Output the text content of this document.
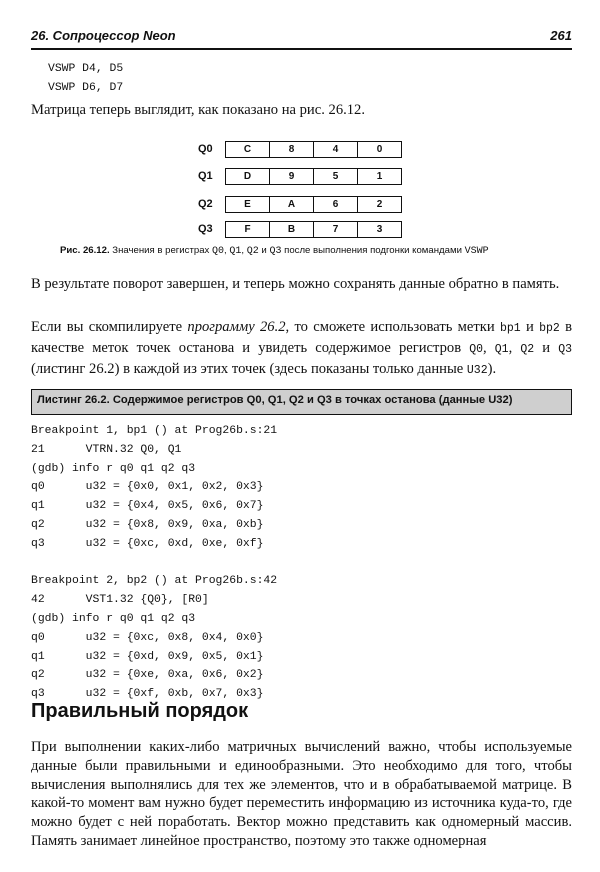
26. Сопроцессор Neon	261
VSWP D4, D5
VSWP D6, D7
Матрица теперь выглядит, как показано на рис. 26.12.
Q0	C	8	4	0
Q1	D	9	5	1
Q2	E	A	6	2
Q3	F	B	7	3
Рис. 26.12. Значения в регистрах Q0, Q1, Q2 и Q3 после выполнения подгонки командами VSWP
В результате поворот завершен, и теперь можно сохранять данные обратно в память.
Если вы скомпилируете программу 26.2, то сможете использовать метки bp1 и bp2 в качестве меток точек останова и увидеть содержимое регистров Q0, Q1, Q2 и Q3 (листинг 26.2) в каждой из этих точек (здесь показаны только данные U32).
Листинг 26.2. Содержимое регистров Q0, Q1, Q2 и Q3 в точках останова (данные U32)
Breakpoint 1, bp1 () at Prog26b.s:21
21      VTRN.32 Q0, Q1
(gdb) info r q0 q1 q2 q3
q0      u32 = {0x0, 0x1, 0x2, 0x3}
q1      u32 = {0x4, 0x5, 0x6, 0x7}
q2      u32 = {0x8, 0x9, 0xa, 0xb}
q3      u32 = {0xc, 0xd, 0xe, 0xf}
Breakpoint 2, bp2 () at Prog26b.s:42
42      VST1.32 {Q0}, [R0]
(gdb) info r q0 q1 q2 q3
q0      u32 = {0xc, 0x8, 0x4, 0x0}
q1      u32 = {0xd, 0x9, 0x5, 0x1}
q2      u32 = {0xe, 0xa, 0x6, 0x2}
q3      u32 = {0xf, 0xb, 0x7, 0x3}
Правильный порядок
При выполнении каких-либо матричных вычислений важно, чтобы используемые данные были правильными и единообразными. Это необходимо для того, чтобы вычисления выполнялись для тех же элементов, что и в обрабатываемой матрице. В какой-то момент вам нужно будет переместить информацию из источника куда-то, где можно будет с ней поработать. Вектор можно представить как одномерный массив. Память занимает линейное пространство, поэтому это также одномерная
